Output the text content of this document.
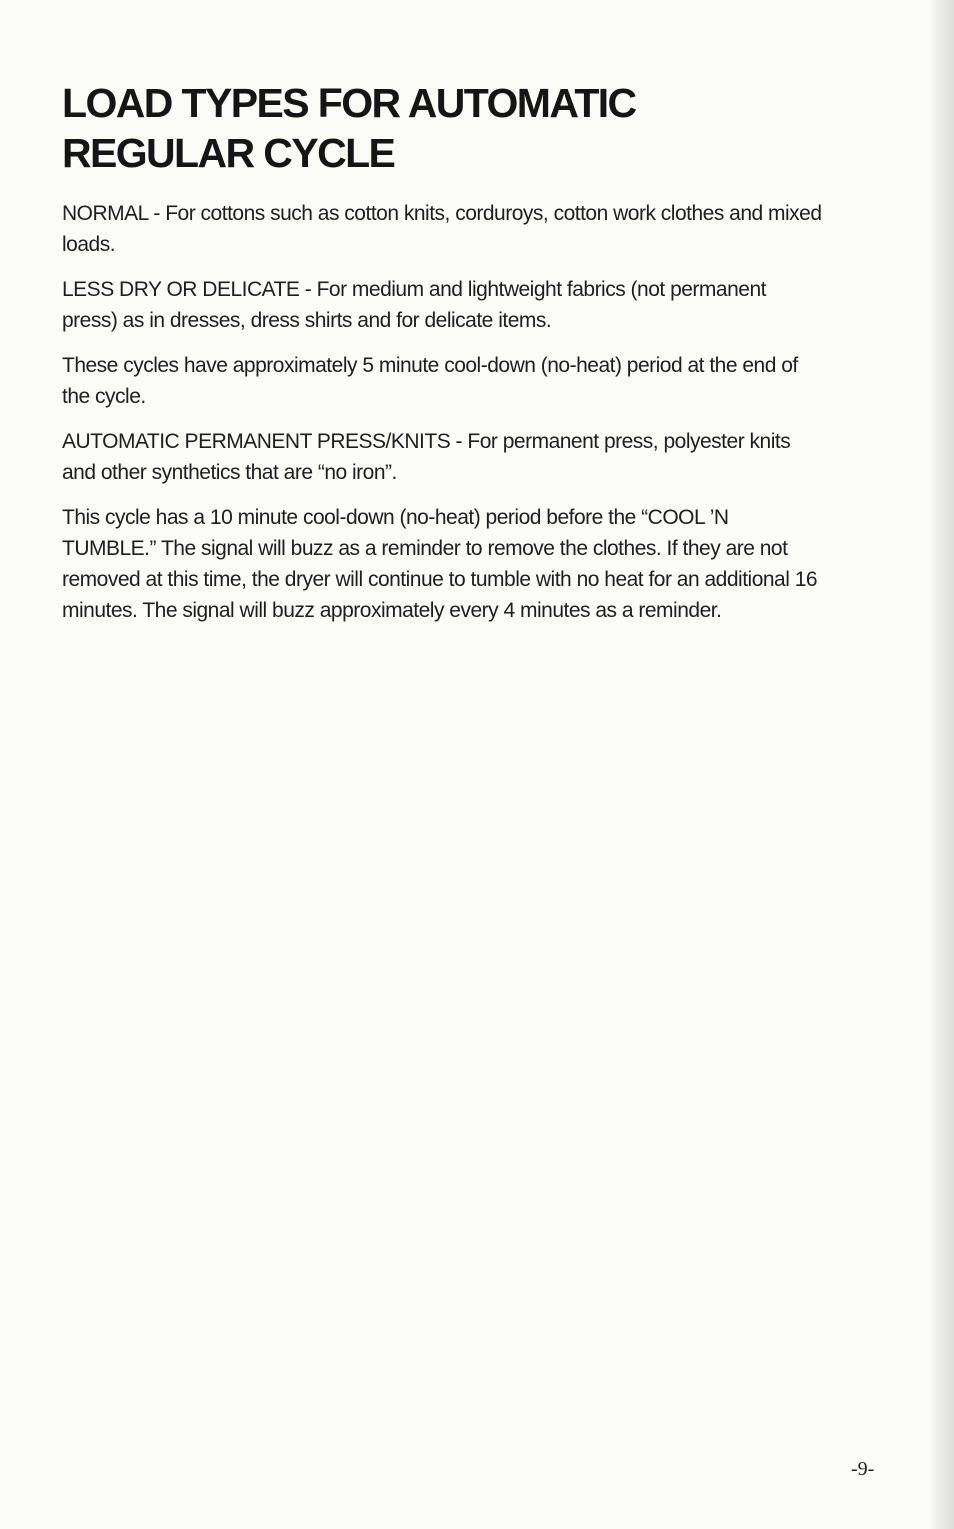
LOAD TYPES FOR AUTOMATIC
REGULAR CYCLE

NORMAL - For cottons such as cotton knits, corduroys, cotton work clothes and mixed loads.

LESS DRY OR DELICATE - For medium and lightweight fabrics (not permanent press) as in dresses, dress shirts and for delicate items.

These cycles have approximately 5 minute cool-down (no-heat) period at the end of the cycle.

AUTOMATIC PERMANENT PRESS/KNITS - For permanent press, polyester knits and other synthetics that are “no iron”.

This cycle has a 10 minute cool-down (no-heat) period before the “COOL ’N TUMBLE.” The signal will buzz as a reminder to remove the clothes. If they are not removed at this time, the dryer will continue to tumble with no heat for an additional 16 minutes. The signal will buzz approximately every 4 minutes as a reminder.

-9-
